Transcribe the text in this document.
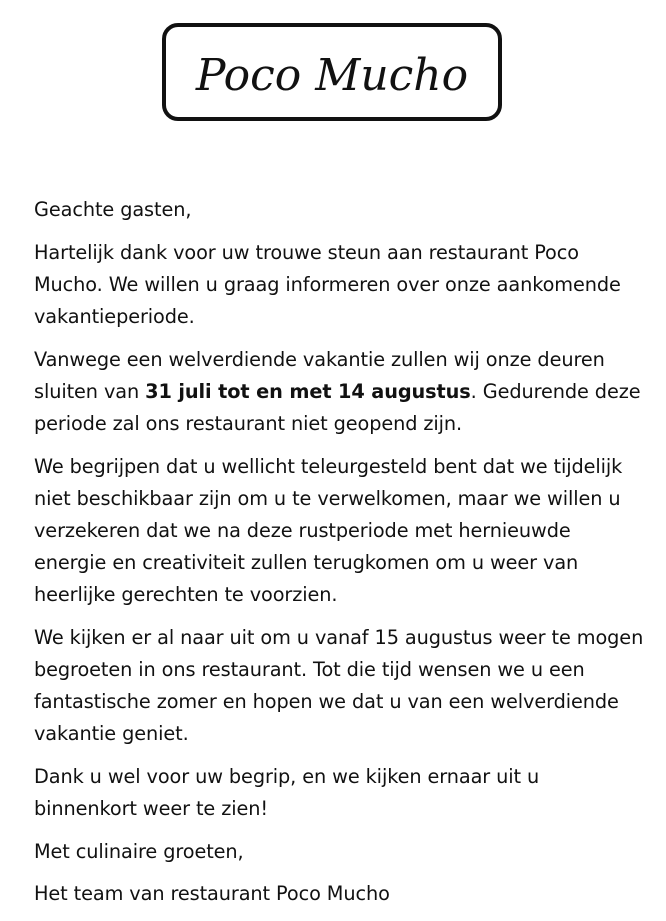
Poco Mucho

Geachte gasten,

Hartelijk dank voor uw trouwe steun aan restaurant Poco Mucho. We willen u graag informeren over onze aankomende vakantieperiode.

Vanwege een welverdiende vakantie zullen wij onze deuren sluiten van 31 juli tot en met 14 augustus. Gedurende deze periode zal ons restaurant niet geopend zijn.

We begrijpen dat u wellicht teleurgesteld bent dat we tijdelijk niet beschikbaar zijn om u te verwelkomen, maar we willen u verzekeren dat we na deze rustperiode met hernieuwde energie en creativiteit zullen terugkomen om u weer van heerlijke gerechten te voorzien.

We kijken er al naar uit om u vanaf 15 augustus weer te mogen begroeten in ons restaurant. Tot die tijd wensen we u een fantastische zomer en hopen we dat u van een welverdiende vakantie geniet.

Dank u wel voor uw begrip, en we kijken ernaar uit u binnenkort weer te zien!

Met culinaire groeten,

Het team van restaurant Poco Mucho
